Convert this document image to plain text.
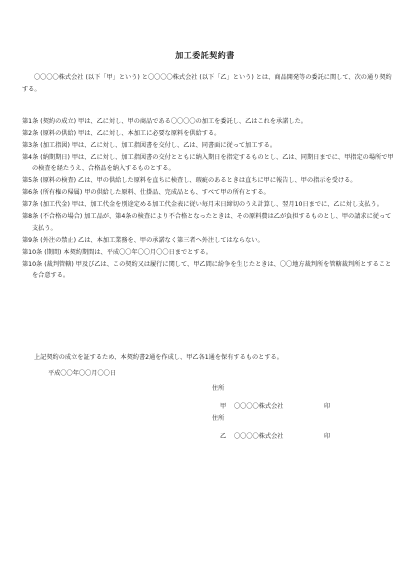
加工委託契約書
〇〇〇〇株式会社 (以下「甲」という) と〇〇〇〇株式会社 (以下「乙」という) とは、商品開発等の委託に関して、次の通り契約する。
第1条 (契約の成立) 甲は、乙に対し、甲の商品である〇〇〇〇の加工を委託し、乙はこれを承諾した。
第2条 (原料の供給) 甲は、乙に対し、本加工に必要な原料を供給する。
第3条 (加工指図) 甲は、乙に対し、加工指図書を交付し、乙は、同書面に従って加工する。
第4条 (納期期日) 甲は、乙に対し、加工指図書の交付とともに納入期日を指定するものとし、乙は、同期日までに、甲指定の場所で甲の検査を経たうえ、合格品を納入するものとする。
第5条 (原料の検査) 乙は、甲の供給した原料を直ちに検査し、瑕疵のあるときは直ちに甲に報告し、甲の指示を受ける。
第6条 (所有権の帰属) 甲の供給した原料、仕掛品、完成品とも、すべて甲の所有とする。
第7条 (加工代金) 甲は、加工代金を別途定める加工代金表に従い毎月末日締切のうえ計算し、翌月10日までに、乙に対し支払う。
第8条 (不合格の場合) 加工品が、第4条の検査により不合格となったときは、その原料費は乙が負担するものとし、甲の請求に従って支払う。
第9条 (外注の禁止) 乙は、本加工業務を、甲の承諾なく第三者へ外注してはならない。
第10条 (期間) 本契約期間は、平成〇〇年〇〇月〇〇日までとする。
第10条 (裁判管轄) 甲及び乙は、この契約又は履行に関して、甲乙間に紛争を生じたときは、〇〇地方裁判所を管轄裁判所とすることを合意する。
上記契約の成立を証するため、本契約書2通を作成し、甲乙各1通を保有するものとする。
平成〇〇年〇〇月〇〇日
住所
甲	〇〇〇〇株式会社	印
住所
乙	〇〇〇〇株式会社	印
